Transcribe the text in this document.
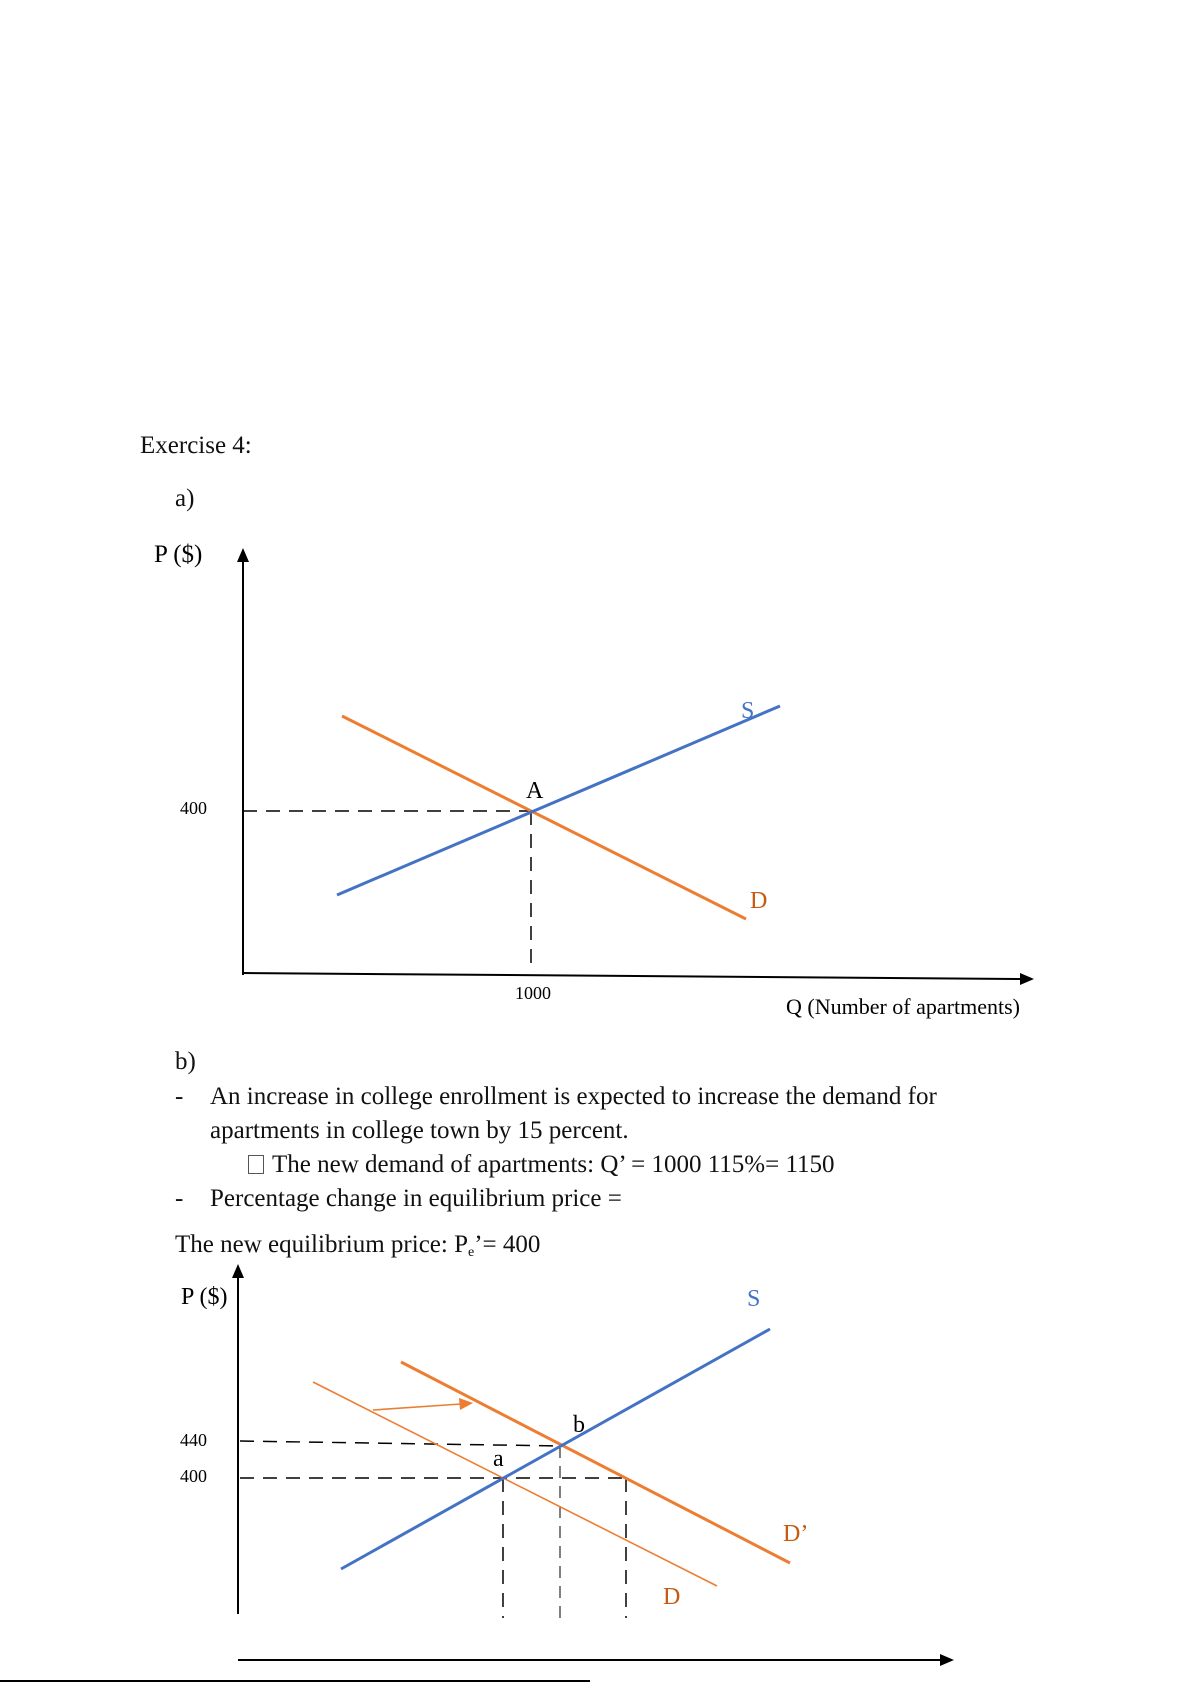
Exercise 4:
a)
P ($)
Q (Number of apartments)
400
1000
S
D
A
b)
- An increase in college enrollment is expected to increase the demand for
apartments in college town by 15 percent.
The new demand of apartments: Q’ = 1000 115%= 1150
- Percentage change in equilibrium price =
The new equilibrium price: $P_e’= 400$
P ($)
440
400
S
D
D’
a
b
